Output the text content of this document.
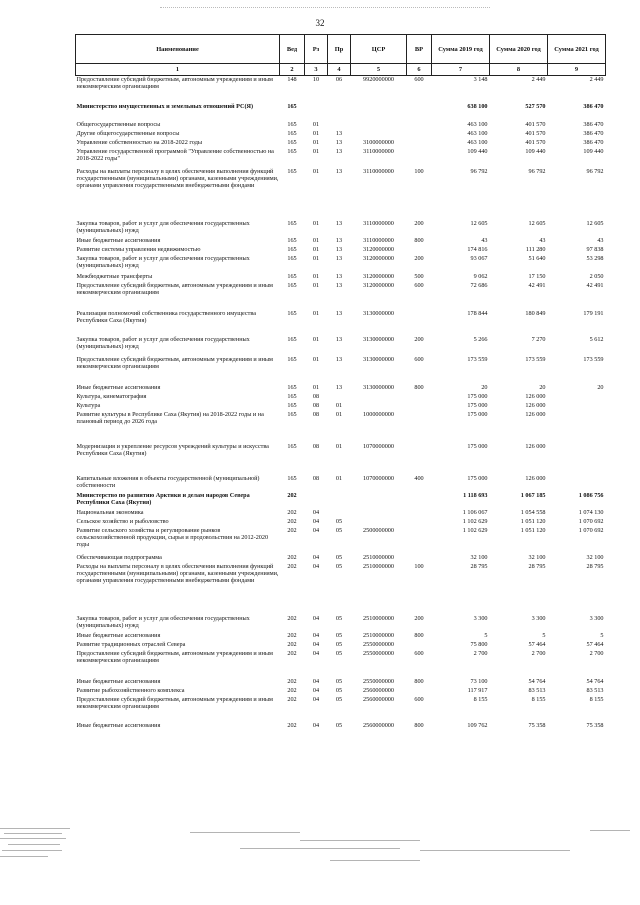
32
Наименование	Вед	Рз	Пр	ЦСР	ВР	Сумма 2019 год	Сумма 2020 год	Сумма 2021 год
1	2	3	4	5	6	7	8	9
Предоставление субсидий бюджетным, автономным учреждениям и иным некоммерческим организациям	148	10	06	9920000000	600	3 148	2 449	2 449
Министерство имущественных и земельных отношений РС(Я)	165					638 100	527 570	386 470
Общегосударственные вопросы	165	01				463 100	401 570	386 470
Другие общегосударственные вопросы	165	01	13			463 100	401 570	386 470
Управление собственностью на 2018-2022 годы	165	01	13	3100000000		463 100	401 570	386 470
Управление государственной программой "Управление собственностью на 2018-2022 годы"	165	01	13	3110000000		109 440	109 440	109 440
Расходы на выплаты персоналу в целях обеспечения выполнения функций государственными (муниципальными) органами, казенными учреждениями, органами управления государственными внебюджетными фондами	165	01	13	3110000000	100	96 792	96 792	96 792
Закупка товаров, работ и услуг для обеспечения государственных (муниципальных) нужд	165	01	13	3110000000	200	12 605	12 605	12 605
Иные бюджетные ассигнования	165	01	13	3110000000	800	43	43	43
Развитие системы управления недвижимостью	165	01	13	3120000000		174 816	111 280	97 838
Закупка товаров, работ и услуг для обеспечения государственных (муниципальных) нужд	165	01	13	3120000000	200	93 067	51 640	53 298
Межбюджетные трансферты	165	01	13	3120000000	500	9 062	17 150	2 050
Предоставление субсидий бюджетным, автономным учреждениям и иным некоммерческим организациям	165	01	13	3120000000	600	72 686	42 491	42 491
Реализация полномочий собственника государственного имущества Республики Саха (Якутия)	165	01	13	3130000000		178 844	180 849	179 191
Закупка товаров, работ и услуг для обеспечения государственных (муниципальных) нужд	165	01	13	3130000000	200	5 266	7 270	5 612
Предоставление субсидий бюджетным, автономным учреждениям и иным некоммерческим организациям	165	01	13	3130000000	600	173 559	173 559	173 559
Иные бюджетные ассигнования	165	01	13	3130000000	800	20	20	20
Культура, кинематография	165	08				175 000	126 000	
Культура	165	08	01			175 000	126 000	
Развитие культуры в Республике Саха (Якутия) на 2018-2022 годы и на плановый период до 2026 года	165	08	01	1000000000		175 000	126 000	
Модернизация и укрепление ресурсов учреждений культуры и искусства Республики Саха (Якутия)	165	08	01	1070000000		175 000	126 000	
Капитальные вложения в объекты государственной (муниципальной) собственности	165	08	01	1070000000	400	175 000	126 000	
Министерство по развитию Арктики и делам народов Севера Республики Саха (Якутия)	202					1 118 693	1 067 185	1 086 756
Национальная экономика	202	04				1 106 067	1 054 558	1 074 130
Сельское хозяйство и рыболовство	202	04	05			1 102 629	1 051 120	1 070 692
Развитие сельского хозяйства и регулирование рынков сельскохозяйственной продукции, сырья и продовольствия на 2012-2020 годы	202	04	05	2500000000		1 102 629	1 051 120	1 070 692
Обеспечивающая подпрограмма	202	04	05	2510000000		32 100	32 100	32 100
Расходы на выплаты персоналу в целях обеспечения выполнения функций государственными (муниципальными) органами, казенными учреждениями, органами управления государственными внебюджетными фондами	202	04	05	2510000000	100	28 795	28 795	28 795
Закупка товаров, работ и услуг для обеспечения государственных (муниципальных) нужд	202	04	05	2510000000	200	3 300	3 300	3 300
Иные бюджетные ассигнования	202	04	05	2510000000	800	5	5	5
Развитие традиционных отраслей Севера	202	04	05	2550000000		75 800	57 464	57 464
Предоставление субсидий бюджетным, автономным учреждениям и иным некоммерческим организациям	202	04	05	2550000000	600	2 700	2 700	2 700
Иные бюджетные ассигнования	202	04	05	2550000000	800	73 100	54 764	54 764
Развитие рыбохозяйственного комплекса	202	04	05	2560000000		117 917	83 513	83 513
Предоставление субсидий бюджетным, автономным учреждениям и иным некоммерческим организациям	202	04	05	2560000000	600	8 155	8 155	8 155
Иные бюджетные ассигнования	202	04	05	2560000000	800	109 762	75 358	75 358
